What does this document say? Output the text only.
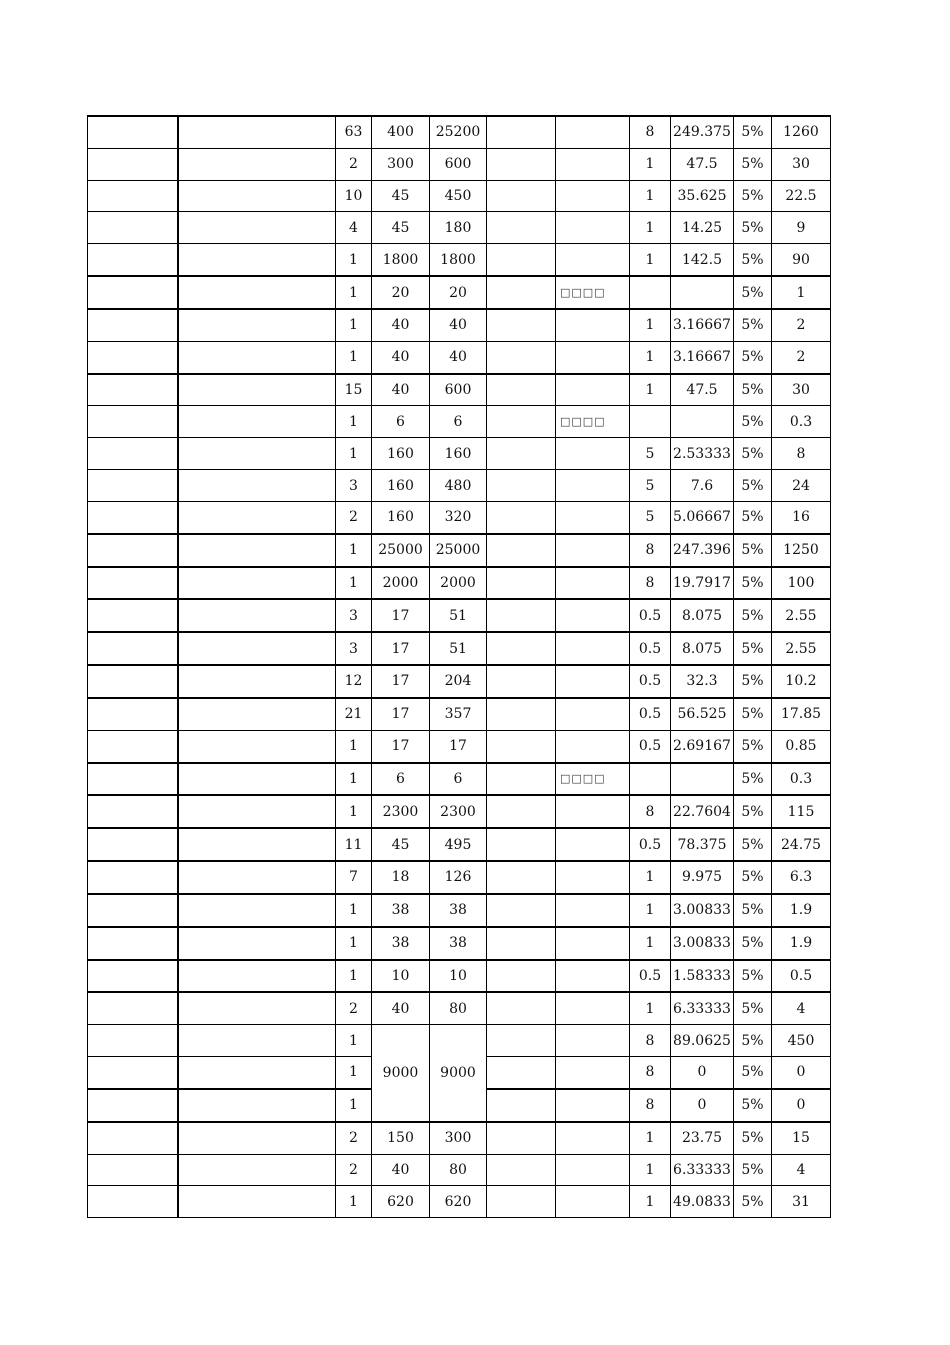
		63	400	25200			8	249.375	5%	1260
		2	300	600			1	47.5	5%	30
		10	45	450			1	35.625	5%	22.5
		4	45	180			1	14.25	5%	9
		1	1800	1800			1	142.5	5%	90
		1	20	20		□□□□			5%	1
		1	40	40			1	3.16667	5%	2
		1	40	40			1	3.16667	5%	2
		15	40	600			1	47.5	5%	30
		1	6	6		□□□□			5%	0.3
		1	160	160			5	2.53333	5%	8
		3	160	480			5	7.6	5%	24
		2	160	320			5	5.06667	5%	16
		1	25000	25000			8	247.396	5%	1250
		1	2000	2000			8	19.7917	5%	100
		3	17	51			0.5	8.075	5%	2.55
		3	17	51			0.5	8.075	5%	2.55
		12	17	204			0.5	32.3	5%	10.2
		21	17	357			0.5	56.525	5%	17.85
		1	17	17			0.5	2.69167	5%	0.85
		1	6	6		□□□□			5%	0.3
		1	2300	2300			8	22.7604	5%	115
		11	45	495			0.5	78.375	5%	24.75
		7	18	126			1	9.975	5%	6.3
		1	38	38			1	3.00833	5%	1.9
		1	38	38			1	3.00833	5%	1.9
		1	10	10			0.5	1.58333	5%	0.5
		2	40	80			1	6.33333	5%	4
		1	9000	9000			8	89.0625	5%	450
		1					8	0	5%	0
		1					8	0	5%	0
		2	150	300			1	23.75	5%	15
		2	40	80			1	6.33333	5%	4
		1	620	620			1	49.0833	5%	31
